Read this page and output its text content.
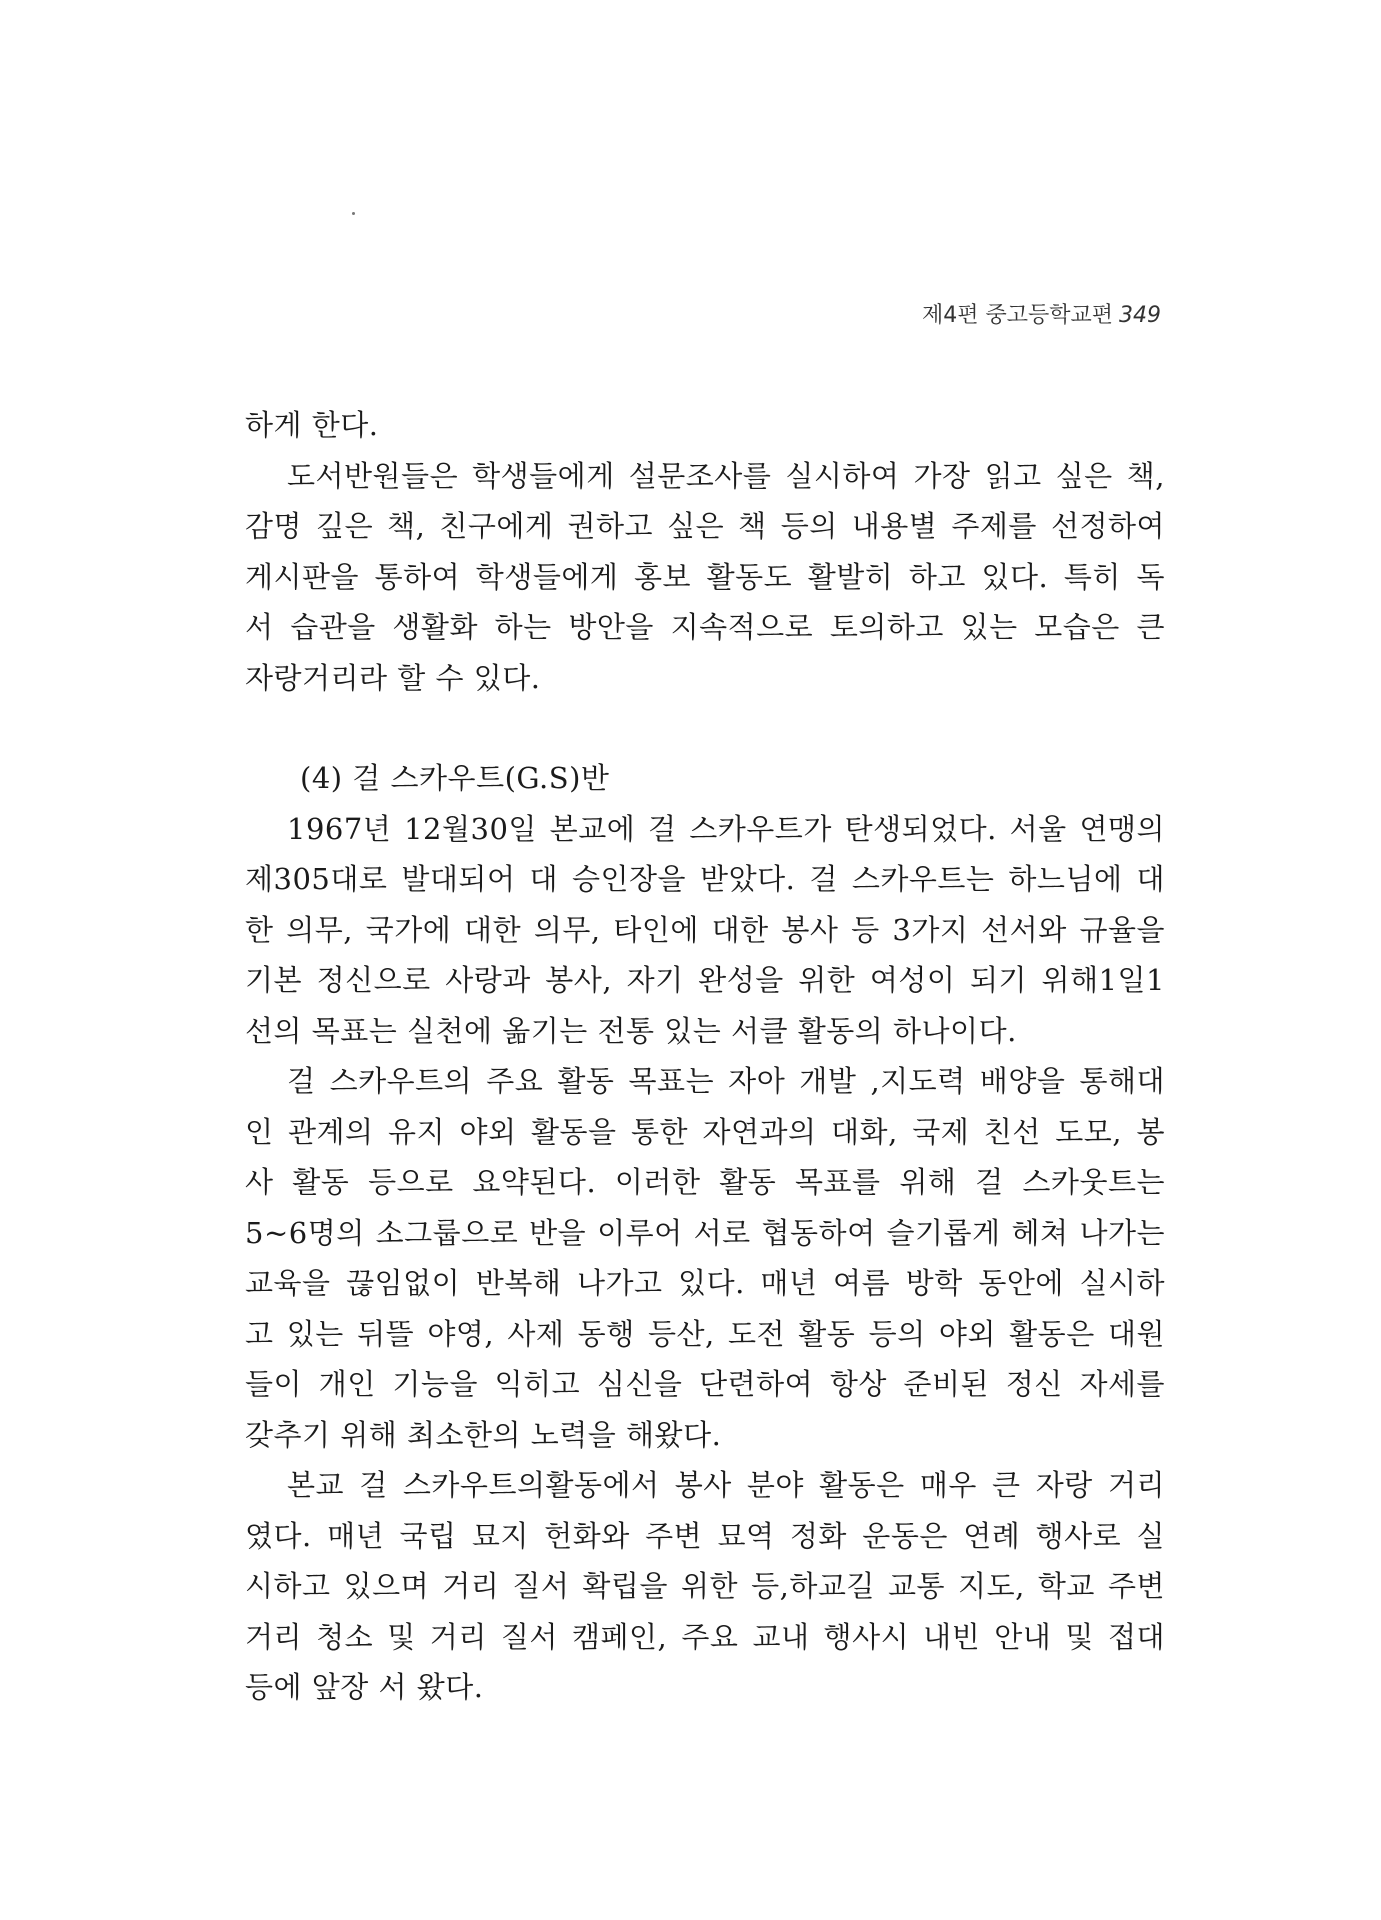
제4편 중고등학교편 349
하게 한다.
도서반원들은 학생들에게 설문조사를 실시하여 가장 읽고 싶은 책,
감명 깊은 책, 친구에게 권하고 싶은 책 등의 내용별 주제를 선정하여
게시판을 통하여 학생들에게 홍보 활동도 활발히 하고 있다. 특히 독
서 습관을 생활화 하는 방안을 지속적으로 토의하고 있는 모습은 큰
자랑거리라 할 수 있다.
(4) 걸 스카우트(G.S)반
1967년 12월30일 본교에 걸 스카우트가 탄생되었다. 서울 연맹의
제305대로 발대되어 대 승인장을 받았다. 걸 스카우트는 하느님에 대
한 의무, 국가에 대한 의무, 타인에 대한 봉사 등 3가지 선서와 규율을
기본 정신으로 사랑과 봉사, 자기 완성을 위한 여성이 되기 위해1일1
선의 목표는 실천에 옮기는 전통 있는 서클 활동의 하나이다.
걸 스카우트의 주요 활동 목표는 자아 개발 ,지도력 배양을 통해대
인 관계의 유지 야외 활동을 통한 자연과의 대화, 국제 친선 도모, 봉
사 활동 등으로 요약된다. 이러한 활동 목표를 위해 걸 스카웃트는
5~6명의 소그룹으로 반을 이루어 서로 협동하여 슬기롭게 헤쳐 나가는
교육을 끊임없이 반복해 나가고 있다. 매년 여름 방학 동안에 실시하
고 있는 뒤뜰 야영, 사제 동행 등산, 도전 활동 등의 야외 활동은 대원
들이 개인 기능을 익히고 심신을 단련하여 항상 준비된 정신 자세를
갖추기 위해 최소한의 노력을 해왔다.
본교 걸 스카우트의활동에서 봉사 분야 활동은 매우 큰 자랑 거리
였다. 매년 국립 묘지 헌화와 주변 묘역 정화 운동은 연례 행사로 실
시하고 있으며 거리 질서 확립을 위한 등,하교길 교통 지도, 학교 주변
거리 청소 및 거리 질서 캠페인, 주요 교내 행사시 내빈 안내 및 접대
등에 앞장 서 왔다.
